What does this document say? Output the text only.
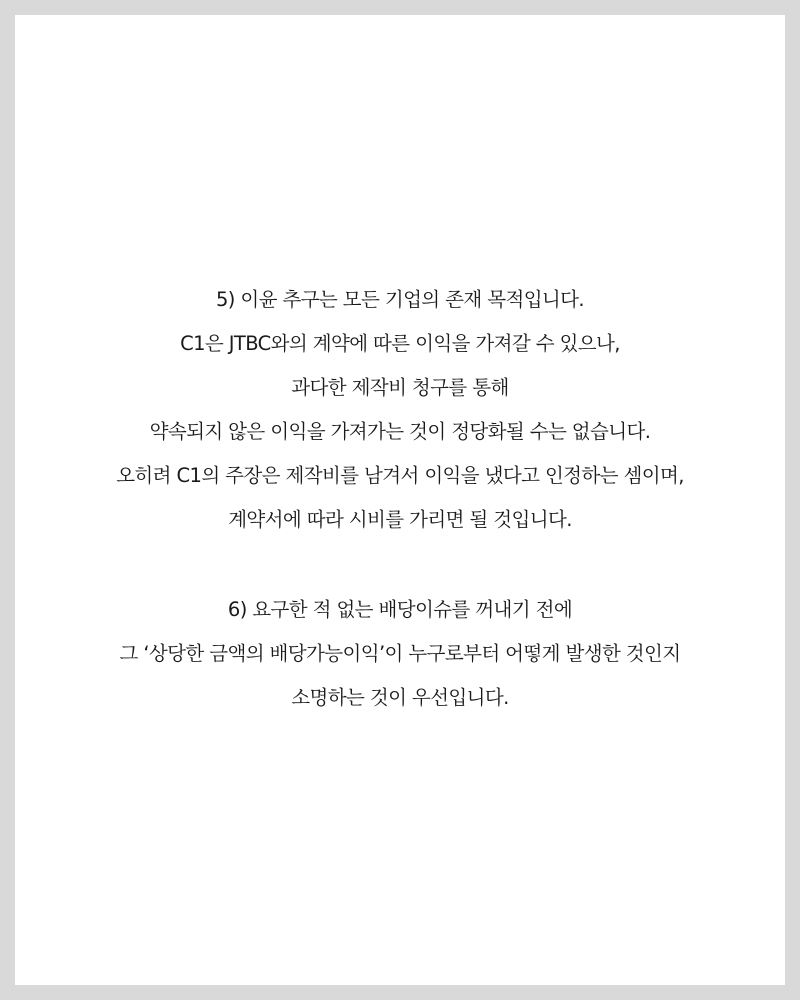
5) 이윤 추구는 모든 기업의 존재 목적입니다.

C1은 JTBC와의 계약에 따른 이익을 가져갈 수 있으나,

과다한 제작비 청구를 통해

약속되지 않은 이익을 가져가는 것이 정당화될 수는 없습니다.

오히려 C1의 주장은 제작비를 남겨서 이익을 냈다고 인정하는 셈이며,

계약서에 따라 시비를 가리면 될 것입니다.

6) 요구한 적 없는 배당이슈를 꺼내기 전에

그 ‘상당한 금액의 배당가능이익’이 누구로부터 어떻게 발생한 것인지

소명하는 것이 우선입니다.
